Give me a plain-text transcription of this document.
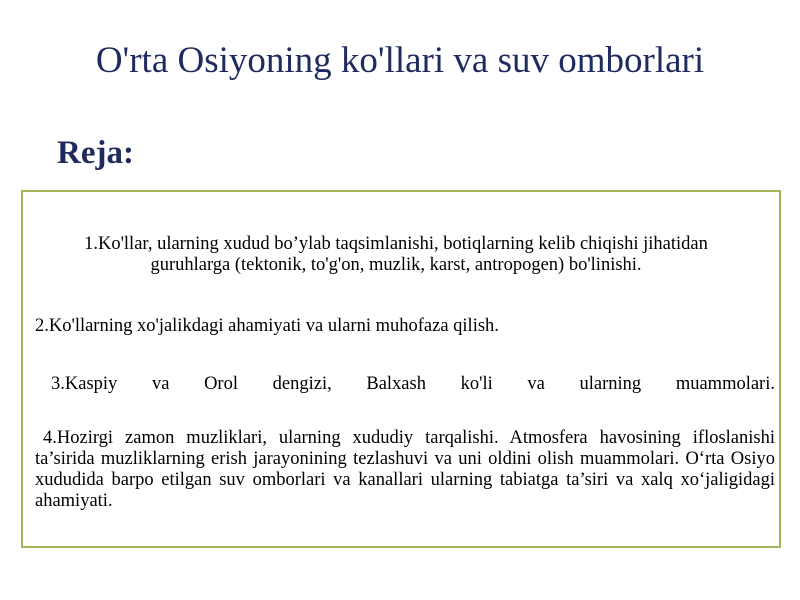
O'rta Osiyoning ko'llari va suv omborlari
Reja:

1.Ko'llar, ularning xudud bo’ylab taqsimlanishi, botiqlarning kelib chiqishi jihatidan guruhlarga (tektonik, to'g'on, muzlik, karst, antropogen) bo'linishi.

2.Ko'llarning xo'jalikdagi ahamiyati va ularni muhofaza qilish.

3.Kaspiy va Orol dengizi, Balxash ko'li va ularning muammolari.

4.Hozirgi zamon muzliklari, ularning xududiy tarqalishi. Atmosfera havosining ifloslanishi ta’sirida muzliklarning erish jarayonining tezlashuvi va uni oldini olish muammolari. O‘rta Osiyo xududida barpo etilgan suv omborlari va kanallari ularning tabiatga ta’siri va xalq xo‘jaligidagi ahamiyati.
